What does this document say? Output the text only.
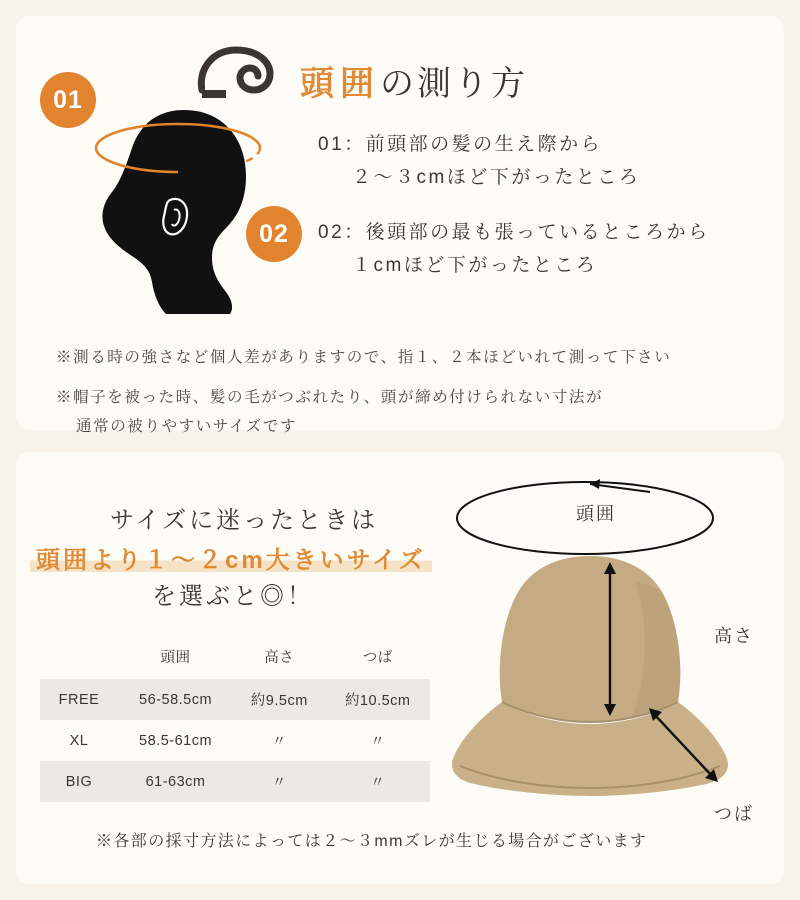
頭囲の測り方
01
02
01：前頭部の髪の生え際から
２〜３cmほど下がったところ
02：後頭部の最も張っているところから
１cmほど下がったところ
※測る時の強さなど個人差がありますので、指１、２本ほどいれて測って下さい
※帽子を被った時、髪の毛がつぶれたり、頭が締め付けられない寸法が
通常の被りやすいサイズです
サイズに迷ったときは
頭囲より１〜２cm大きいサイズ
を選ぶと◎！
	頭囲	高さ	つば
FREE	56-58.5cm	約9.5cm	約10.5cm
XL	58.5-61cm	〃	〃
BIG	61-63cm	〃	〃
頭囲
高さ
つば
※各部の採寸方法によっては２〜３mmズレが生じる場合がございます
